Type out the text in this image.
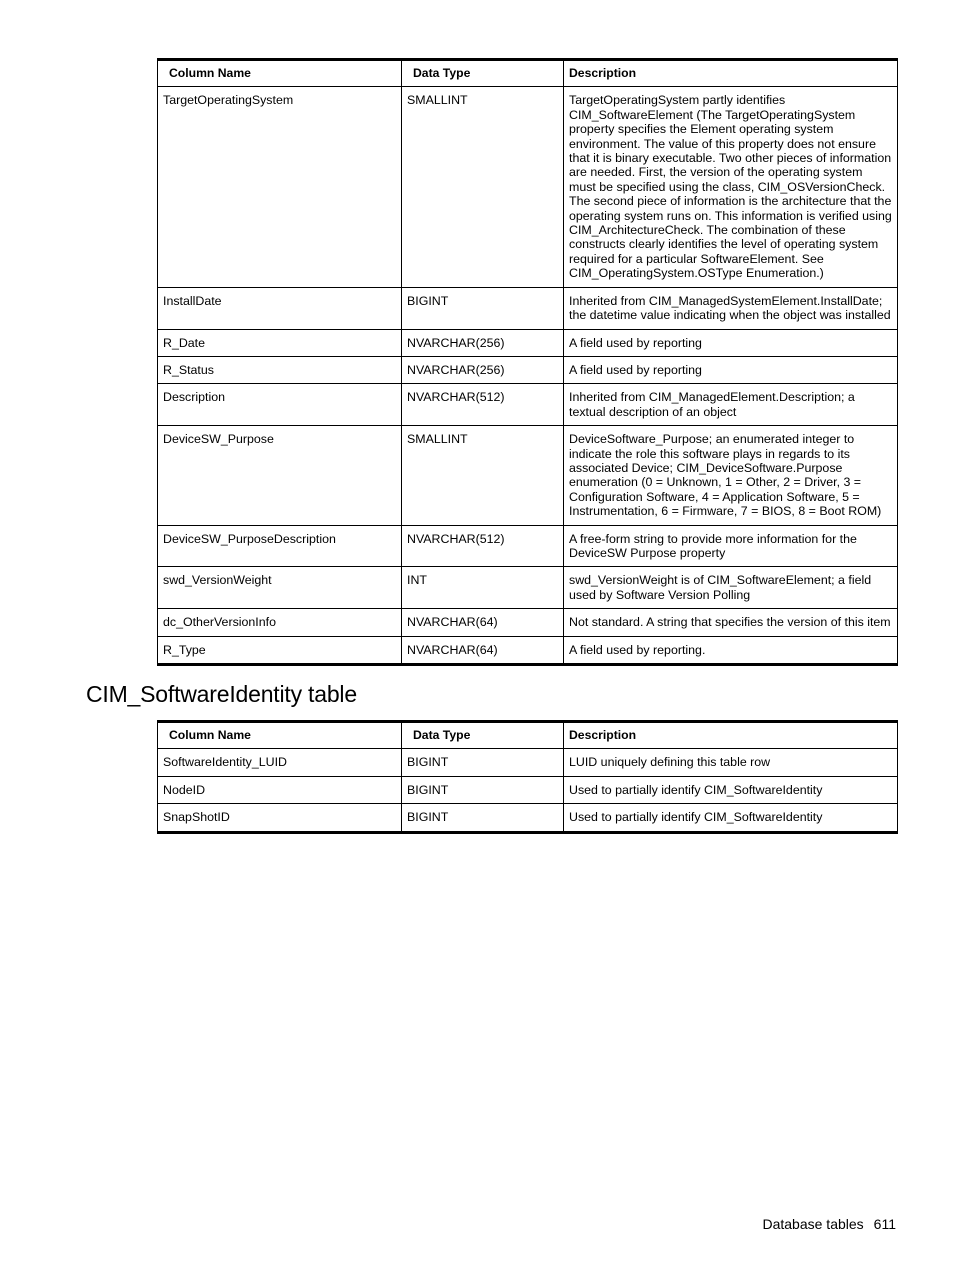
Column Name	Data Type	Description
TargetOperatingSystem	SMALLINT	TargetOperatingSystem partly identifies CIM_SoftwareElement (The TargetOperatingSystem property specifies the Element operating system environment. The value of this property does not ensure that it is binary executable. Two other pieces of information are needed. First, the version of the operating system must be specified using the class, CIM_OSVersionCheck. The second piece of information is the architecture that the operating system runs on. This information is verified using CIM_ArchitectureCheck. The combination of these constructs clearly identifies the level of operating system required for a particular SoftwareElement. See CIM_OperatingSystem.OSType Enumeration.)
InstallDate	BIGINT	Inherited from CIM_ManagedSystemElement.InstallDate; the datetime value indicating when the object was installed
R_Date	NVARCHAR(256)	A field used by reporting
R_Status	NVARCHAR(256)	A field used by reporting
Description	NVARCHAR(512)	Inherited from CIM_ManagedElement.Description; a textual description of an object
DeviceSW_Purpose	SMALLINT	DeviceSoftware_Purpose; an enumerated integer to indicate the role this software plays in regards to its associated Device; CIM_DeviceSoftware.Purpose enumeration (0 = Unknown, 1 = Other, 2 = Driver, 3 = Configuration Software, 4 = Application Software, 5 = Instrumentation, 6 = Firmware, 7 = BIOS, 8 = Boot ROM)
DeviceSW_PurposeDescription	NVARCHAR(512)	A free-form string to provide more information for the DeviceSW Purpose property
swd_VersionWeight	INT	swd_VersionWeight is of CIM_SoftwareElement; a field used by Software Version Polling
dc_OtherVersionInfo	NVARCHAR(64)	Not standard. A string that specifies the version of this item
R_Type	NVARCHAR(64)	A field used by reporting.
CIM_SoftwareIdentity table
Column Name	Data Type	Description
SoftwareIdentity_LUID	BIGINT	LUID uniquely defining this table row
NodeID	BIGINT	Used to partially identify CIM_SoftwareIdentity
SnapShotID	BIGINT	Used to partially identify CIM_SoftwareIdentity
Database tables 611
